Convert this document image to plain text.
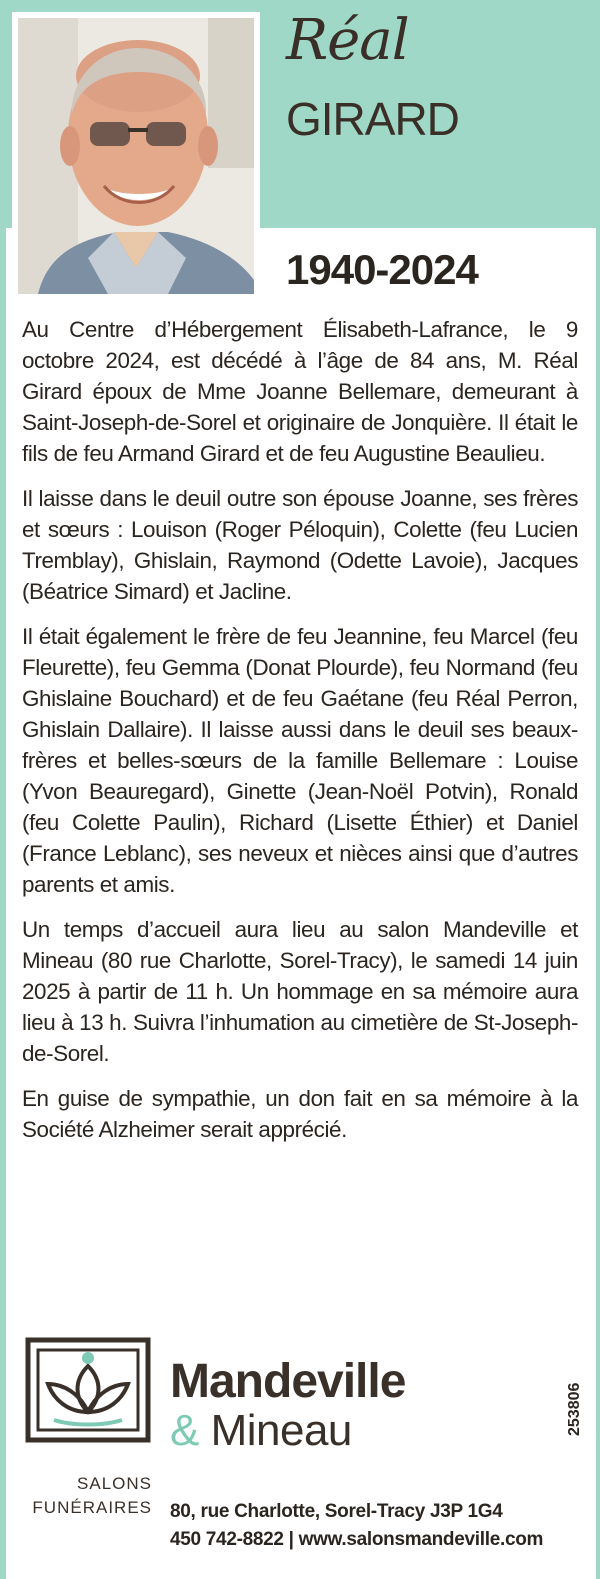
Réal
GIRARD
1940-2024

Au Centre d’Hébergement Élisabeth-Lafrance, le 9 octobre 2024, est décédé à l’âge de 84 ans, M. Réal Girard époux de Mme Joanne Bellemare, demeurant à Saint-Joseph-de-Sorel et originaire de Jonquière. Il était le fils de feu Armand Girard et de feu Augustine Beaulieu.

Il laisse dans le deuil outre son épouse Joanne, ses frères et sœurs : Louison (Roger Péloquin), Colette (feu Lucien Tremblay), Ghislain, Raymond (Odette Lavoie), Jacques (Béatrice Simard) et Jacline.

Il était également le frère de feu Jeannine, feu Marcel (feu Fleurette), feu Gemma (Donat Plourde), feu Normand (feu Ghislaine Bouchard) et de feu Gaétane (feu Réal Perron, Ghislain Dallaire). Il laisse aussi dans le deuil ses beaux-frères et belles-sœurs de la famille Bellemare : Louise (Yvon Beauregard), Ginette (Jean-Noël Potvin), Ronald (feu Colette Paulin), Richard (Lisette Éthier) et Daniel (France Leblanc), ses neveux et nièces ainsi que d’autres parents et amis.

Un temps d’accueil aura lieu au salon Mandeville et Mineau (80 rue Charlotte, Sorel-Tracy), le samedi 14 juin 2025 à partir de 11 h. Un hommage en sa mémoire aura lieu à 13 h. Suivra l’inhumation au cimetière de St-Joseph-de-Sorel.

En guise de sympathie, un don fait en sa mémoire à la Société Alzheimer serait apprécié.

Mandeville
& Mineau
SALONS
FUNÉRAIRES 80, rue Charlotte, Sorel-Tracy J3P 1G4
450 742-8822 | www.salonsmandeville.com
253806
